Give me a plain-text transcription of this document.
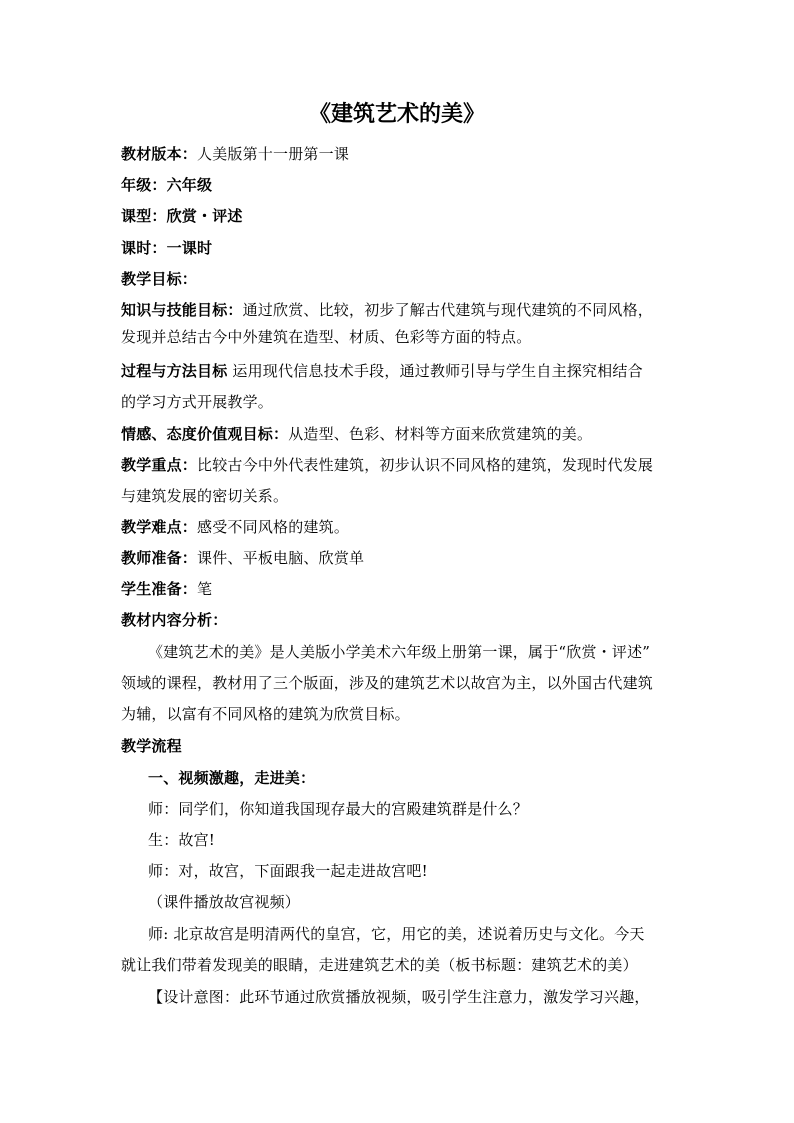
《建筑艺术的美》
教材版本：人美版第十一册第一课
年级：六年级
课型：欣赏・评述
课时：一课时
教学目标：
知识与技能目标：通过欣赏、比较，初步了解古代建筑与现代建筑的不同风格，
发现并总结古今中外建筑在造型、材质、色彩等方面的特点。
过程与方法目标 运用现代信息技术手段，通过教师引导与学生自主探究相结合
的学习方式开展教学。
情感、态度价值观目标：从造型、色彩、材料等方面来欣赏建筑的美。
教学重点：比较古今中外代表性建筑，初步认识不同风格的建筑，发现时代发展
与建筑发展的密切关系。
教学难点：感受不同风格的建筑。
教师准备：课件、平板电脑、欣赏单
学生准备：笔
教材内容分析：
《建筑艺术的美》是人美版小学美术六年级上册第一课，属于“欣赏・评述”
领域的课程，教材用了三个版面，涉及的建筑艺术以故宫为主，以外国古代建筑
为辅，以富有不同风格的建筑为欣赏目标。
教学流程
一、视频激趣，走进美：
师：同学们，你知道我国现存最大的宫殿建筑群是什么？
生：故宫!
师：对，故宫，下面跟我一起走进故宫吧!
（课件播放故宫视频）
师: 北京故宫是明清两代的皇宫，它，用它的美，述说着历史与文化。今天
就让我们带着发现美的眼睛，走进建筑艺术的美（板书标题：建筑艺术的美）
【设计意图：此环节通过欣赏播放视频，吸引学生注意力，激发学习兴趣，
